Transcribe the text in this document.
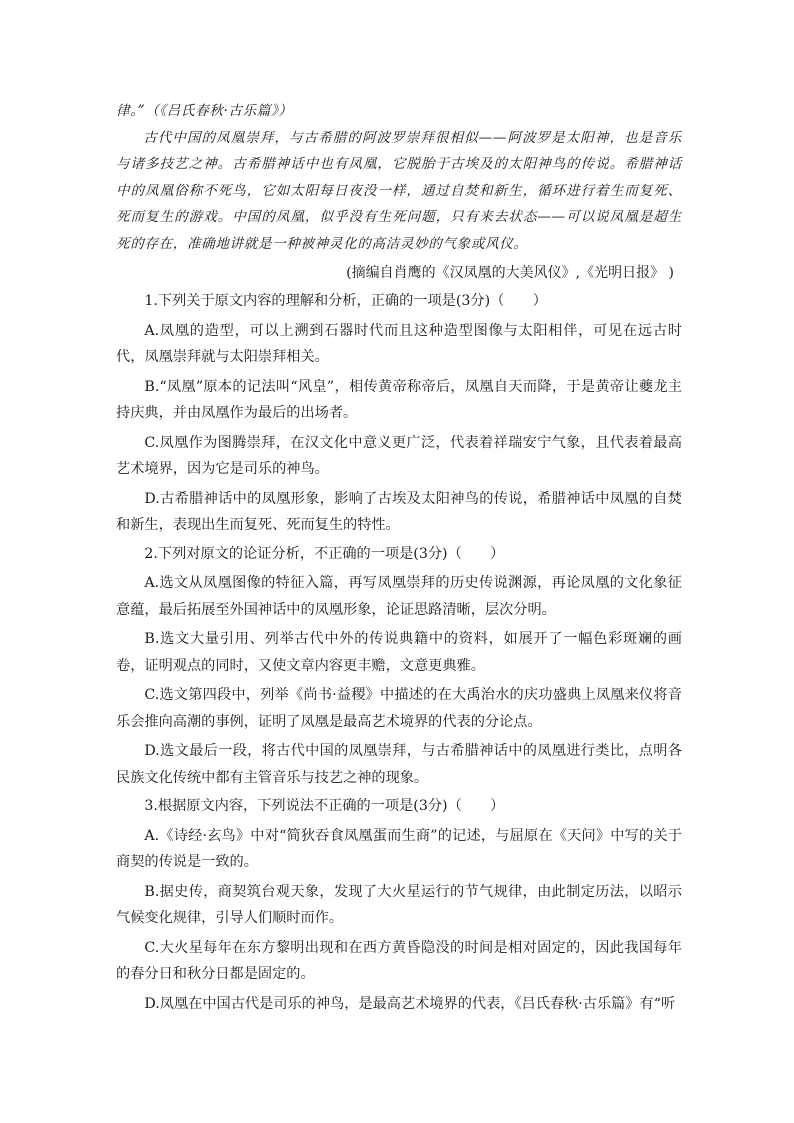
律。”（《吕氏春秋·古乐篇》）

古代中国的凤凰崇拜，与古希腊的阿波罗崇拜很相似——阿波罗是太阳神，也是音乐与诸多技艺之神。古希腊神话中也有凤凰，它脱胎于古埃及的太阳神鸟的传说。希腊神话中的凤凰俗称不死鸟，它如太阳每日夜没一样，通过自焚和新生，循环进行着生而复死、死而复生的游戏。中国的凤凰，似乎没有生死问题，只有来去状态——可以说凤凰是超生死的存在，准确地讲就是一种被神灵化的高洁灵妙的气象或风仪。

(摘编自肖鹰的《汉凤凰的大美风仪》,《光明日报》 )

1.下列关于原文内容的理解和分析，正确的一项是(3分)（　　）

A.凤凰的造型，可以上溯到石器时代而且这种造型图像与太阳相伴，可见在远古时代，凤凰崇拜就与太阳崇拜相关。

B.“凤凰”原本的记法叫“风皇”，相传黄帝称帝后，凤凰自天而降，于是黄帝让夔龙主持庆典，并由凤凰作为最后的出场者。

C.凤凰作为图腾崇拜，在汉文化中意义更广泛，代表着祥瑞安宁气象，且代表着最高艺术境界，因为它是司乐的神鸟。

D.古希腊神话中的凤凰形象，影响了古埃及太阳神鸟的传说，希腊神话中凤凰的自焚和新生，表现出生而复死、死而复生的特性。

2.下列对原文的论证分析，不正确的一项是(3分)（　　）

A.选文从凤凰图像的特征入篇，再写凤凰崇拜的历史传说渊源，再论凤凰的文化象征意蕴，最后拓展至外国神话中的凤凰形象，论证思路清晰，层次分明。

B.选文大量引用、列举古代中外的传说典籍中的资料，如展开了一幅色彩斑斓的画卷，证明观点的同时，又使文章内容更丰赡，文意更典雅。

C.选文第四段中，列举《尚书·益稷》中描述的在大禹治水的庆功盛典上凤凰来仪将音乐会推向高潮的事例，证明了凤凰是最高艺术境界的代表的分论点。

D.选文最后一段，将古代中国的凤凰崇拜，与古希腊神话中的凤凰进行类比，点明各民族文化传统中都有主管音乐与技艺之神的现象。

3.根据原文内容，下列说法不正确的一项是(3分)（　　）

A.《诗经·玄鸟》中对“简狄吞食凤凰蛋而生商”的记述，与屈原在《天问》中写的关于商契的传说是一致的。

B.据史传，商契筑台观天象，发现了大火星运行的节气规律，由此制定历法，以昭示气候变化规律，引导人们顺时而作。

C.大火星每年在东方黎明出现和在西方黄昏隐没的时间是相对固定的，因此我国每年的春分日和秋分日都是固定的。

D.凤凰在中国古代是司乐的神鸟，是最高艺术境界的代表，《吕氏春秋·古乐篇》有“听
